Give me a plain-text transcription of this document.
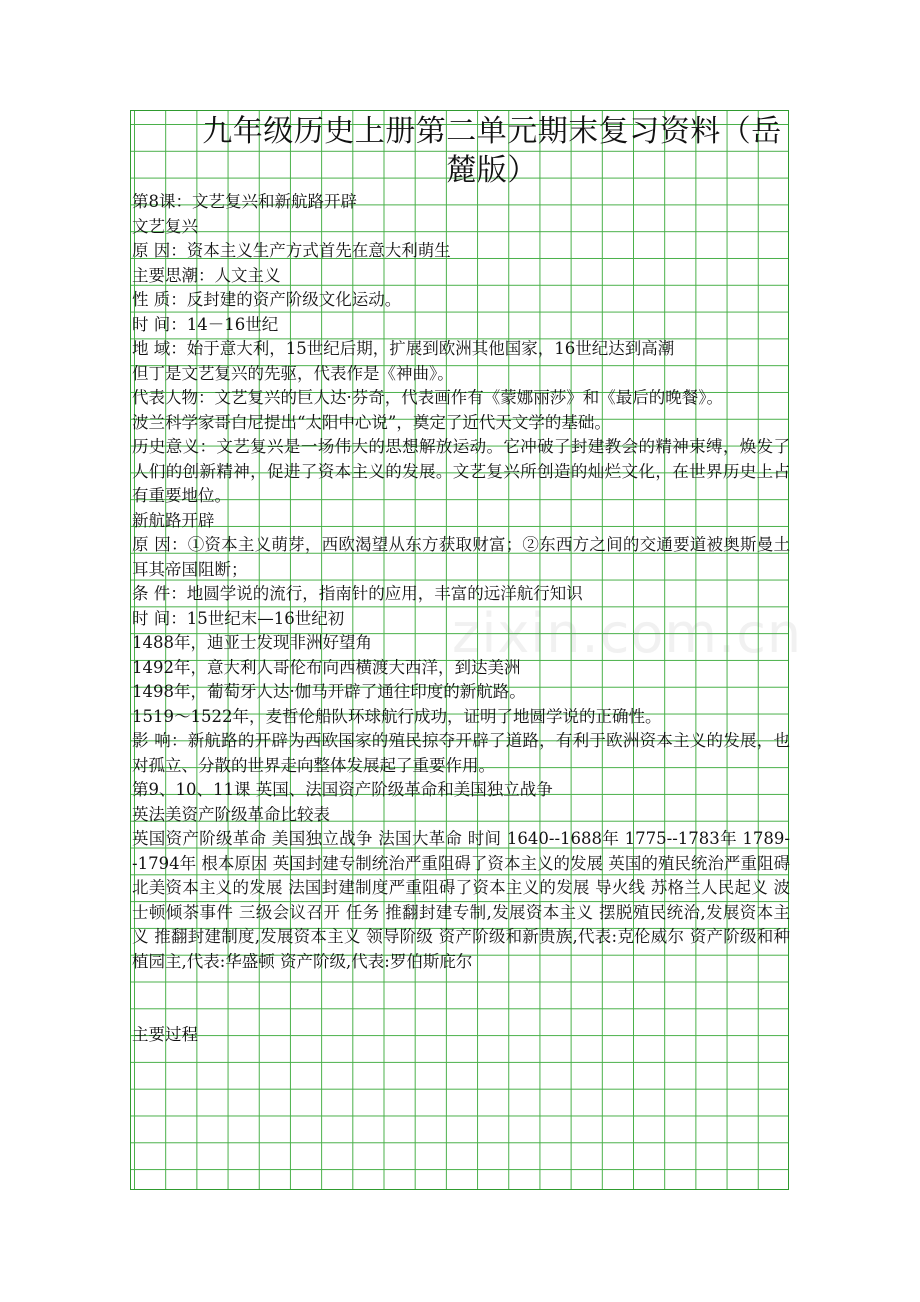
zixin.com.cn
九年级历史上册第二单元期末复习资料（岳麓版）

第8课：文艺复兴和新航路开辟

文艺复兴

原 因：资本主义生产方式首先在意大利萌生

主要思潮：人文主义

性 质：反封建的资产阶级文化运动。

时 间：14－16世纪

地 域：始于意大利，15世纪后期，扩展到欧洲其他国家，16世纪达到高潮

但丁是文艺复兴的先驱，代表作是《神曲》。

代表人物：文艺复兴的巨人达·芬奇，代表画作有《蒙娜丽莎》和《最后的晚餐》。

波兰科学家哥白尼提出“太阳中心说”，奠定了近代天文学的基础。

历史意义：文艺复兴是一场伟大的思想解放运动。它冲破了封建教会的精神束缚，焕发了人们的创新精神，促进了资本主义的发展。文艺复兴所创造的灿烂文化，在世界历史上占有重要地位。

新航路开辟

原 因：①资本主义萌芽，西欧渴望从东方获取财富；②东西方之间的交通要道被奥斯曼土耳其帝国阻断；

条 件：地圆学说的流行，指南针的应用，丰富的远洋航行知识

时 间：15世纪末—16世纪初

1488年，迪亚士发现非洲好望角

1492年，意大利人哥伦布向西横渡大西洋，到达美洲

1498年，葡萄牙人达·伽马开辟了通往印度的新航路。

1519～1522年，麦哲伦船队环球航行成功，证明了地圆学说的正确性。

影 响：新航路的开辟为西欧国家的殖民掠夺开辟了道路，有利于欧洲资本主义的发展，也对孤立、分散的世界走向整体发展起了重要作用。

第9、10、11课 英国、法国资产阶级革命和美国独立战争

英法美资产阶级革命比较表

英国资产阶级革命 美国独立战争 法国大革命 时间 1640--1688年 1775--1783年 1789--1794年 根本原因 英国封建专制统治严重阻碍了资本主义的发展 英国的殖民统治严重阻碍北美资本主义的发展 法国封建制度严重阻碍了资本主义的发展 导火线 苏格兰人民起义 波士顿倾茶事件 三级会议召开 任务 推翻封建专制,发展资本主义 摆脱殖民统治,发展资本主义 推翻封建制度,发展资本主义 领导阶级 资产阶级和新贵族,代表:克伦威尔 资产阶级和种植园主,代表:华盛顿 资产阶级,代表:罗伯斯庇尔

主要过程
